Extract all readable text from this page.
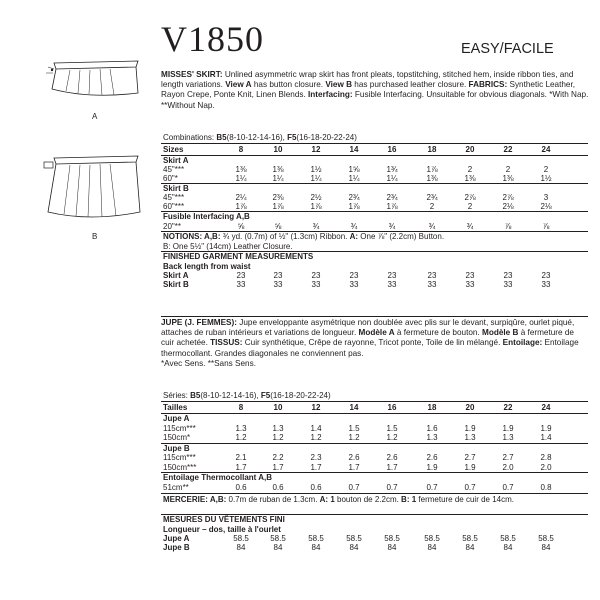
V1850	EASY/FACILE
A
B
MISSES' SKIRT: Unlined asymmetric wrap skirt has front pleats, topstitching, stitched hem, inside ribbon ties, and length variations. View A has button closure. View B has purchased leather closure. FABRICS: Synthetic Leather, Rayon Crepe, Ponte Knit, Linen Blends. Interfacing: Fusible Interfacing. Unsuitable for obvious diagonals. *With Nap. **Without Nap.
Combinations: B5(8-10-12-14-16), F5(16-18-20-22-24)
Sizes	8	10	12	14	16	18	20	22	24
Skirt A
45"***	1⅜	1⅜	1½	1⅝	1¾	1⅞	2	2	2
60"*	1¼	1¼	1¼	1¼	1¼	1⅜	1⅜	1⅜	1½
Skirt B
45"***	2¼	2⅜	2½	2¾	2¾	2¾	2⅞	2⅞	3
60"***	1⅞	1⅞	1⅞	1⅞	1⅞	2	2	2⅛	2⅛
Fusible Interfacing A,B
20"**	⅝	⅝	¾	¾	¾	¾	¾	⅞	⅞
NOTIONS: A,B: ¾ yd. (0.7m) of ½" (1.3cm) Ribbon. A: One ⅞" (2.2cm) Button.
B: One 5½" (14cm) Leather Closure.
FINISHED GARMENT MEASUREMENTS
Back length from waist
Skirt A	23	23	23	23	23	23	23	23	23
Skirt B	33	33	33	33	33	33	33	33	33
JUPE (J. FEMMES): Jupe enveloppante asymétrique non doublée avec plis sur le devant, surpiqûre, ourlet piqué, attaches de ruban intérieurs et variations de longueur. Modèle A à fermeture de bouton. Modèle B à fermeture de cuir achetée. TISSUS: Cuir synthétique, Crêpe de rayonne, Tricot ponte, Toile de lin mélangé. Entoilage: Entoilage thermocollant. Grandes diagonales ne conviennent pas.
*Avec Sens. **Sans Sens.
Séries: B5(8-10-12-14-16), F5(16-18-20-22-24)
Tailles	8	10	12	14	16	18	20	22	24
Jupe A
115cm***	1.3	1.3	1.4	1.5	1.5	1.6	1.9	1.9	1.9
150cm*	1.2	1.2	1.2	1.2	1.2	1.3	1.3	1.3	1.4
Jupe B
115cm***	2.1	2.2	2.3	2.6	2.6	2.6	2.7	2.7	2.8
150cm***	1.7	1.7	1.7	1.7	1.7	1.9	1.9	2.0	2.0
Entoilage Thermocollant A,B
51cm**	0.6	0.6	0.6	0.7	0.7	0.7	0.7	0.7	0.8
MERCERIE: A,B: 0.7m de ruban de 1.3cm. A: 1 bouton de 2.2cm. B: 1 fermeture de cuir de 14cm.
MESURES DU VÊTEMENTS FINI
Longueur – dos, taille à l'ourlet
Jupe A	58.5	58.5	58.5	58.5	58.5	58.5	58.5	58.5	58.5
Jupe B	84	84	84	84	84	84	84	84	84
